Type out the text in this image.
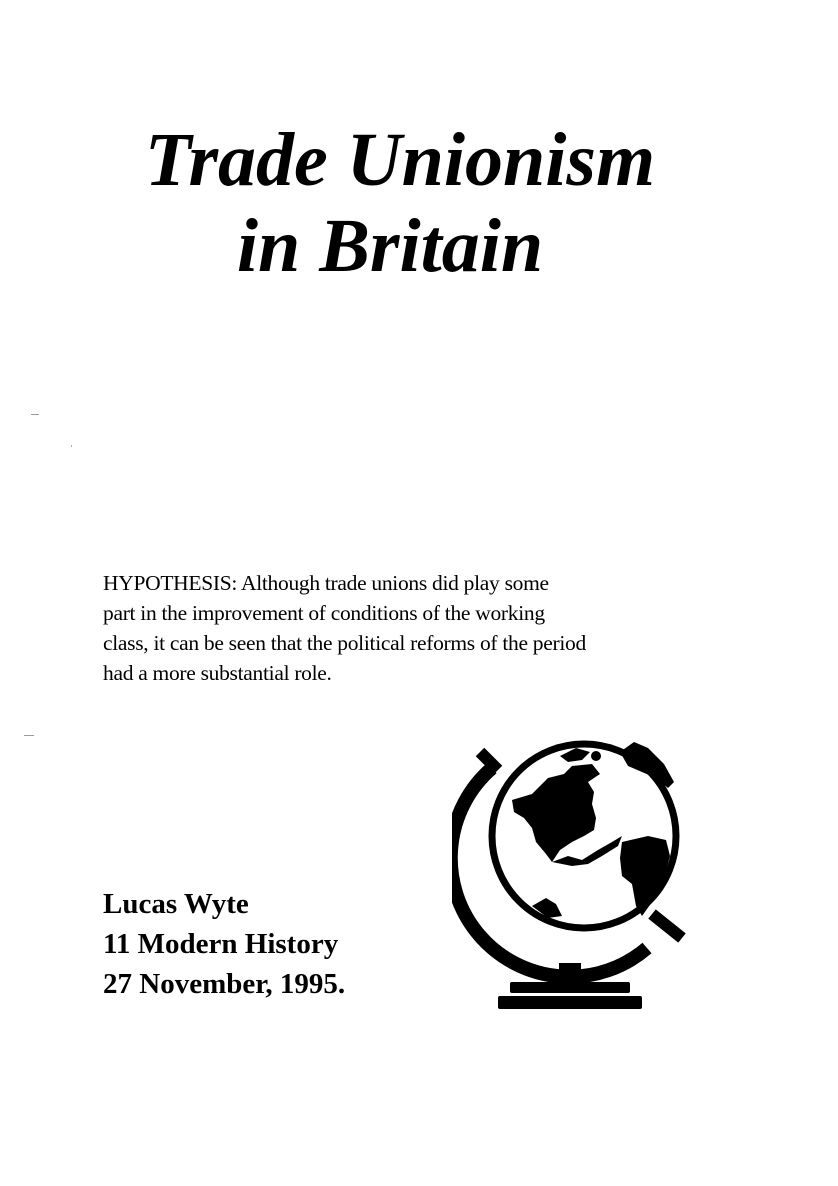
Trade Unionism
in Britain
HYPOTHESIS: Although trade unions did play some
part in the improvement of conditions of the working
class, it can be seen that the political reforms of the period
had a more substantial role.
Lucas Wyte
11 Modern History
27 November, 1995.
